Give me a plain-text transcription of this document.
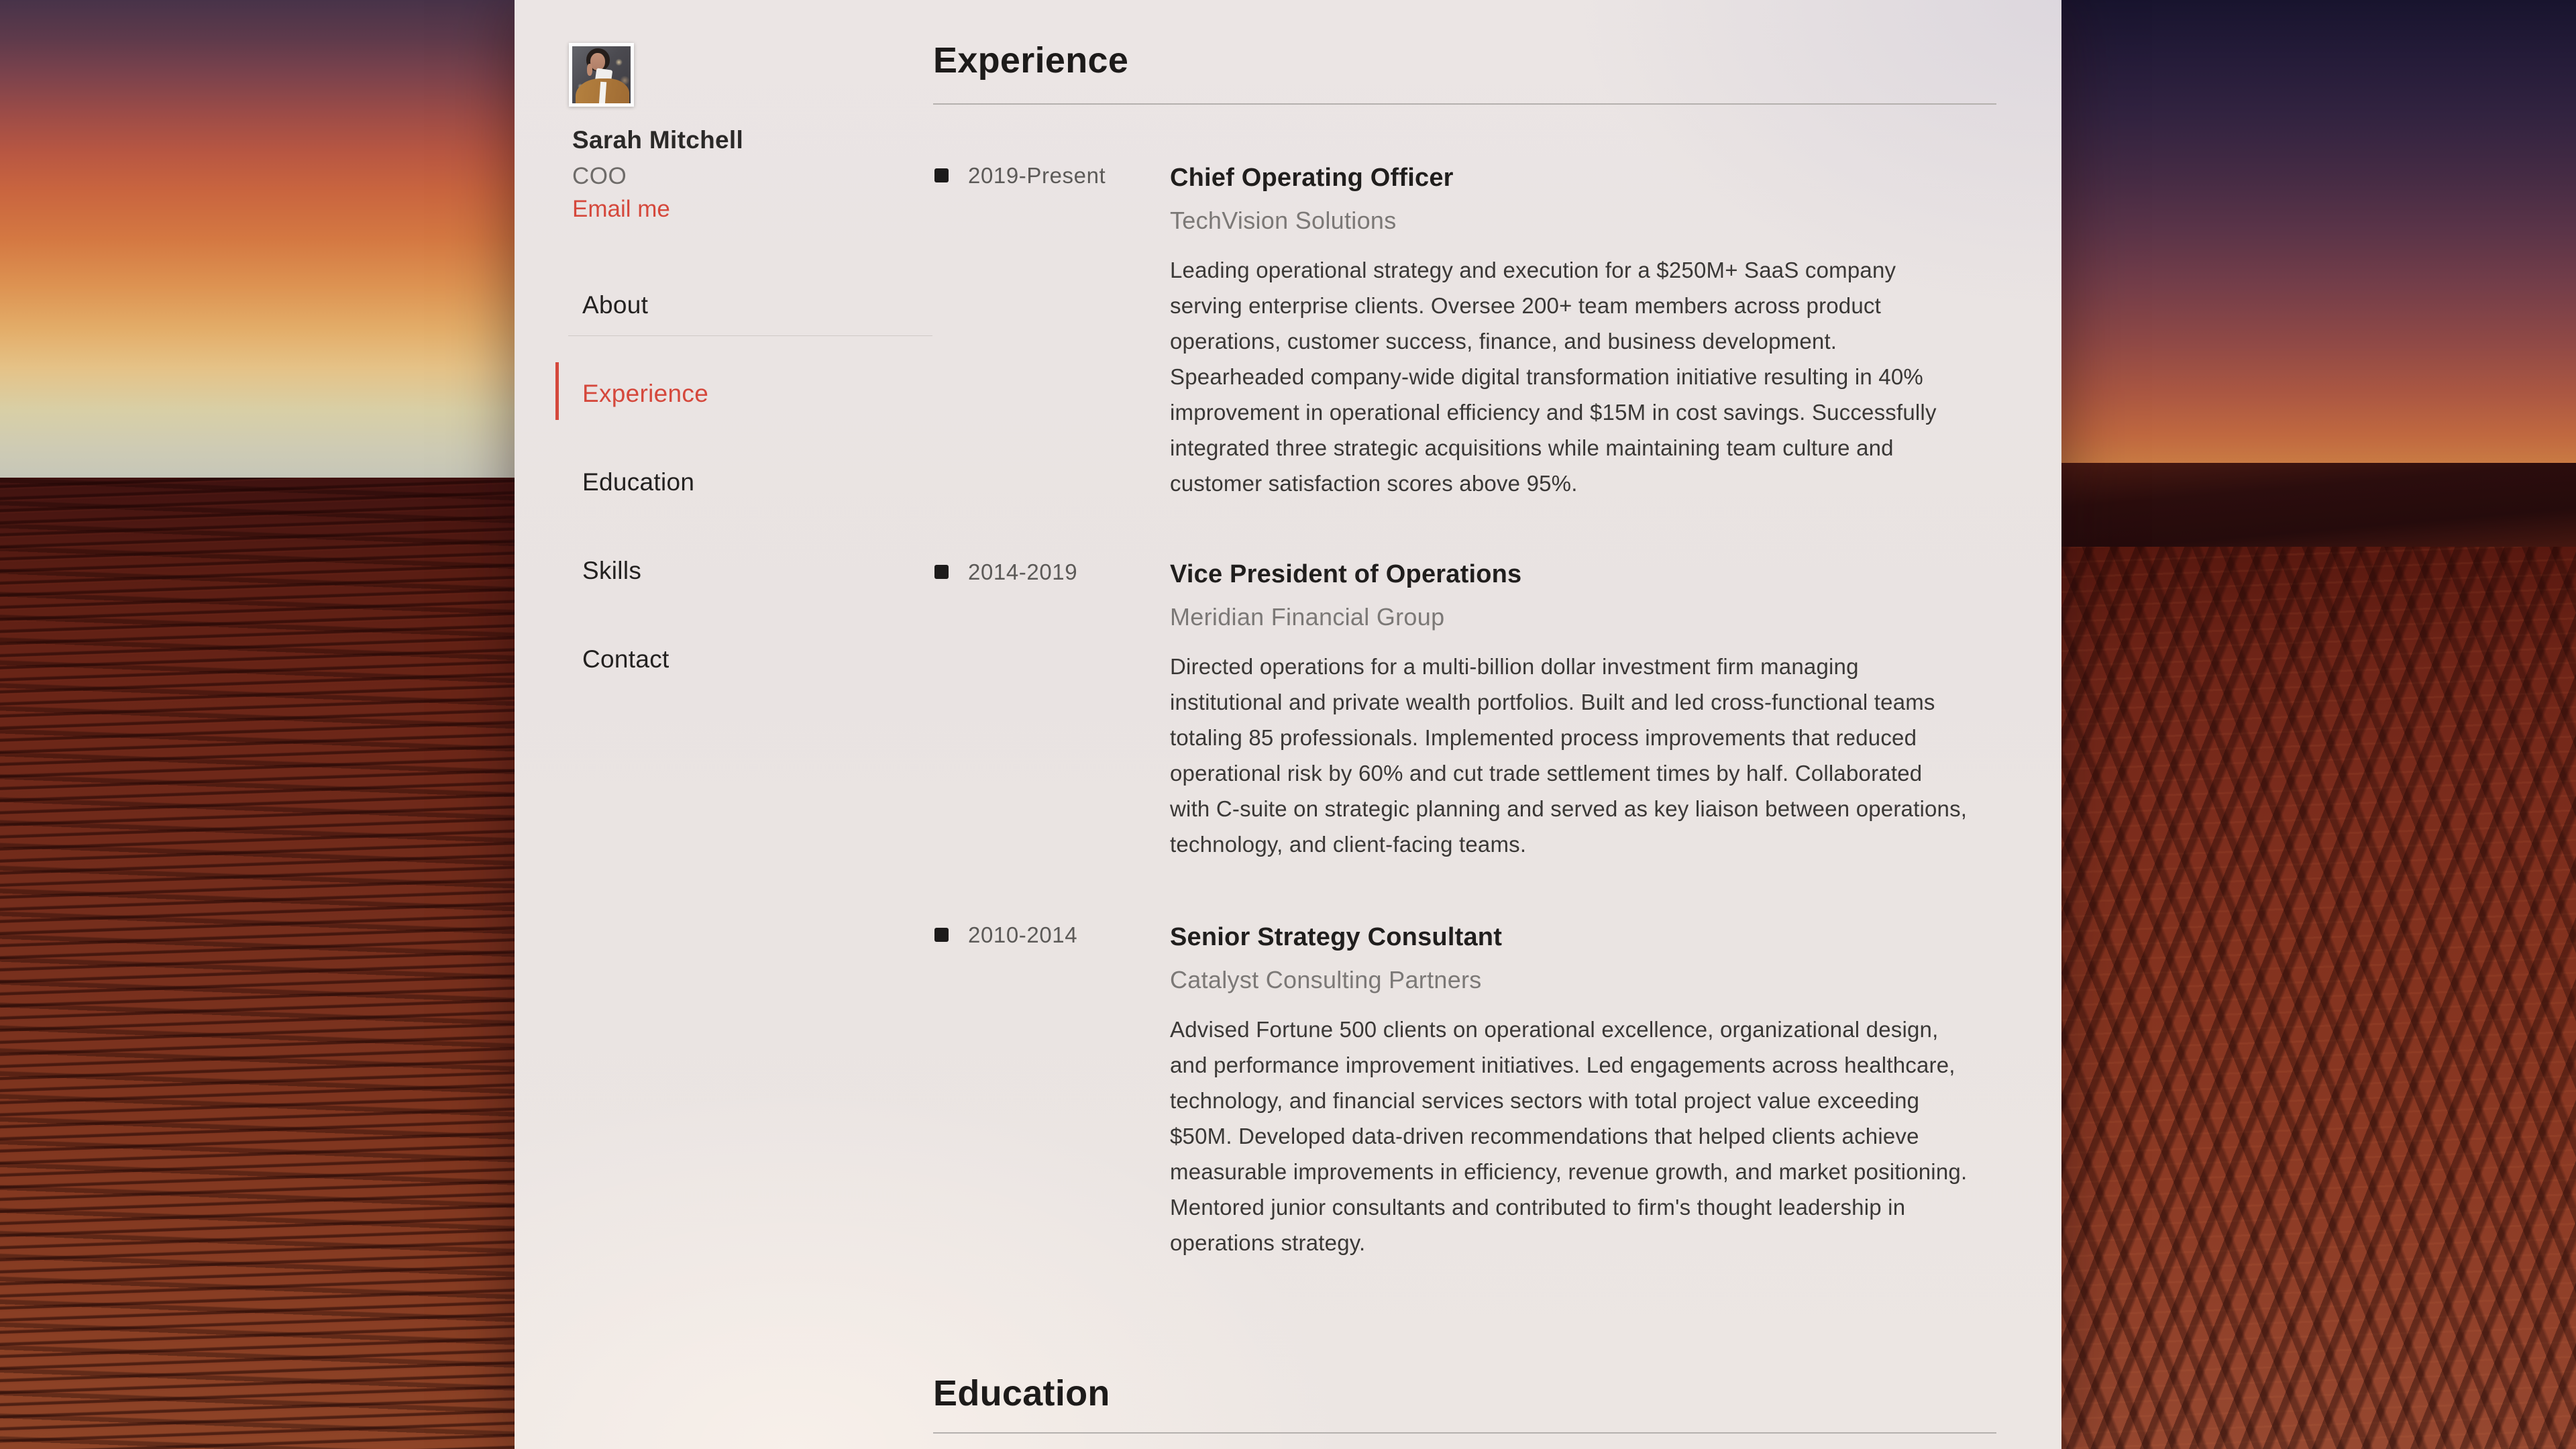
Sarah Mitchell
COO
Email me
About
Experience
Education
Skills
Contact
Experience
2019-Present	Chief Operating Officer
TechVision Solutions
Leading operational strategy and execution for a $250M+ SaaS company serving enterprise clients. Oversee 200+ team members across product operations, customer success, finance, and business development. Spearheaded company-wide digital transformation initiative resulting in 40% improvement in operational efficiency and $15M in cost savings. Successfully integrated three strategic acquisitions while maintaining team culture and customer satisfaction scores above 95%.
2014-2019	Vice President of Operations
Meridian Financial Group
Directed operations for a multi-billion dollar investment firm managing institutional and private wealth portfolios. Built and led cross-functional teams totaling 85 professionals. Implemented process improvements that reduced operational risk by 60% and cut trade settlement times by half. Collaborated with C-suite on strategic planning and served as key liaison between operations, technology, and client-facing teams.
2010-2014	Senior Strategy Consultant
Catalyst Consulting Partners
Advised Fortune 500 clients on operational excellence, organizational design, and performance improvement initiatives. Led engagements across healthcare, technology, and financial services sectors with total project value exceeding $50M. Developed data-driven recommendations that helped clients achieve measurable improvements in efficiency, revenue growth, and market positioning. Mentored junior consultants and contributed to firm's thought leadership in operations strategy.
Education
